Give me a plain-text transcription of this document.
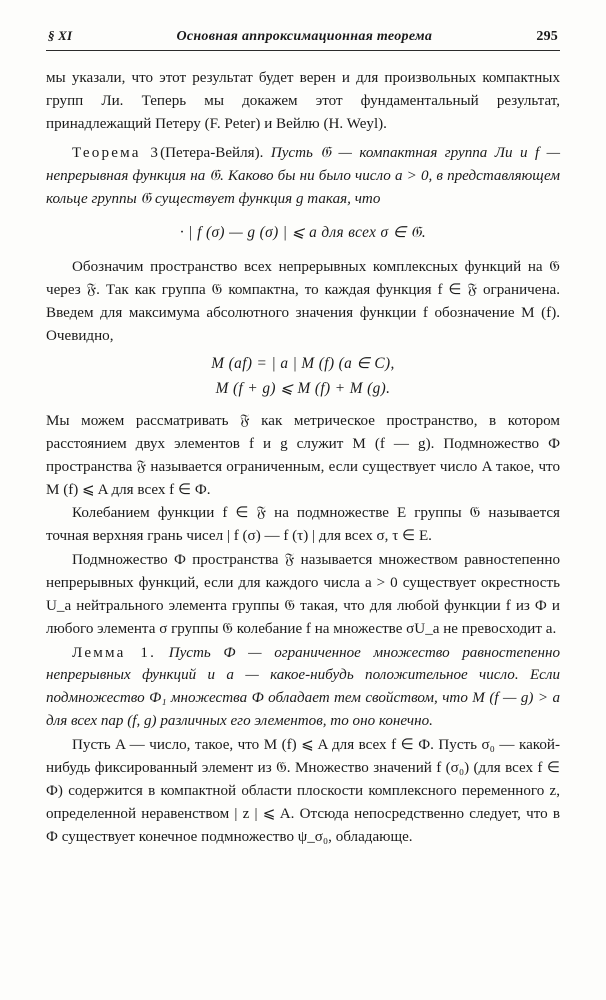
§ XI	Основная аппроксимационная теорема	295

мы указали, что этот результат будет верен и для произвольных компактных групп Ли. Теперь мы докажем этот фундаментальный результат, принадлежащий Петеру (F. Peter) и Вейлю (H. Weyl).

Теорема 3(Петера-Вейля). Пусть 𝔊 — компактная группа Ли и f — непрерывная функция на 𝔊. Каково бы ни было число a > 0, в представляющем кольце группы 𝔊 существует функция g такая, что

· | f (σ) — g (σ) | ⩽ a для всех σ ∈ 𝔊.

Обозначим пространство всех непрерывных комплексных функций на 𝔊 через 𝔉. Так как группа 𝔊 компактна, то каждая функция f ∈ 𝔉 ограничена. Введем для максимума абсолютного значения функции f обозначение M (f). Очевидно,

M (af) = | a | M (f) (a ∈ C),
M (f + g) ⩽ M (f) + M (g).

Мы можем рассматривать 𝔉 как метрическое пространство, в котором расстоянием двух элементов f и g служит M (f — g). Подмножество Ф пространства 𝔉 называется ограниченным, если существует число A такое, что M (f) ⩽ A для всех f ∈ Ф.

Колебанием функции f ∈ 𝔉 на подмножестве E группы 𝔊 называется точная верхняя грань чисел | f (σ) — f (τ) | для всех σ, τ ∈ E.

Подмножество Ф пространства 𝔉 называется множеством равностепенно непрерывных функций, если для каждого числа a > 0 существует окрестность U_a нейтрального элемента группы 𝔊 такая, что для любой функции f из Ф и любого элемента σ группы 𝔊 колебание f на множестве σU_a не превосходит a.

Лемма 1. Пусть Ф — ограниченное множество равностепенно непрерывных функций и a — какое-нибудь положительное число. Если подмножество Ф₁ множества Ф обладает тем свойством, что M (f — g) > a для всех пар (f, g) различных его элементов, то оно конечно.

Пусть A — число, такое, что M (f) ⩽ A для всех f ∈ Ф. Пусть σ₀ — какой-нибудь фиксированный элемент из 𝔊. Множество значений f (σ₀) (для всех f ∈ Ф) содержится в компактной области плоскости комплексного переменного z, определенной неравенством | z | ⩽ A. Отсюда непосредственно следует, что в Ф существует конечное подмножество ψ_σ₀, обладающе.
